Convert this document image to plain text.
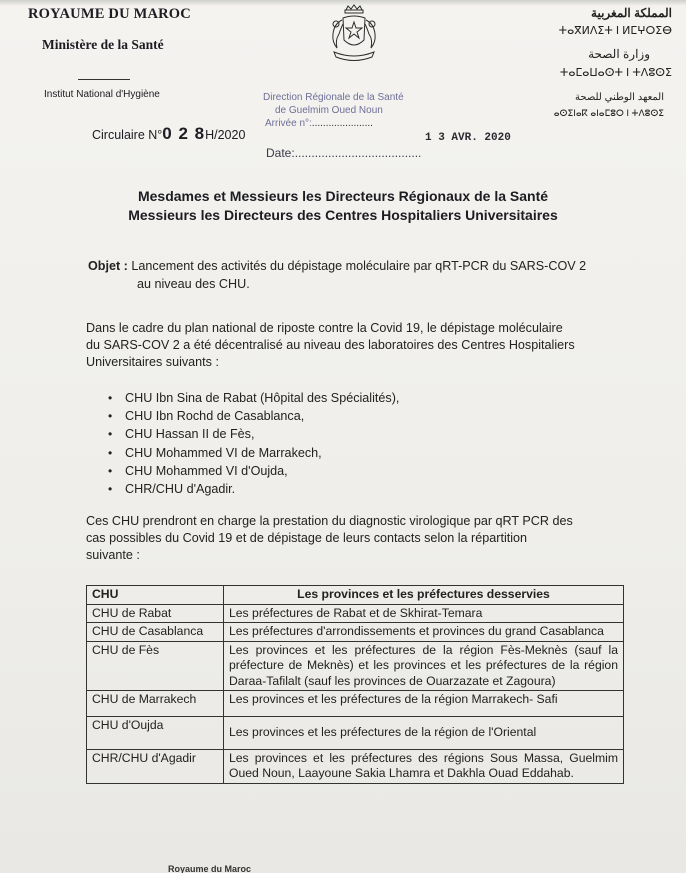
ROYAUME DU MAROC
Ministère de la Santé
Institut National d'Hygiène
Circulaire N°0 2 8H/2020
Direction Régionale de la Santé
de Guelmim Oued Noun
Arrivée n°:......................
1 3 AVR. 2020
Date:......................................
المملكة المغربية
ⵜⴰⴳⵍⴷⵉⵜ ⵏ ⵍⵎⵖⵔⵉⴱ
وزارة الصحة
ⵜⴰⵎⴰⵡⴰⵙⵜ ⵏ ⵜⴷⵓⵙⵉ
المعهد الوطني للصحة
ⴰⵙⵉⵏⴰⴽ ⴰⵏⴰⵎⵓⵔ ⵏ ⵜⴷⵓⵙⵉ
Mesdames et Messieurs les Directeurs Régionaux de la Santé
Messieurs les Directeurs des Centres Hospitaliers Universitaires
Objet : Lancement des activités du dépistage moléculaire par qRT-PCR du SARS-COV 2
au niveau des CHU.
Dans le cadre du plan national de riposte contre la Covid 19, le dépistage moléculaire
du SARS-COV 2 a été décentralisé au niveau des laboratoires des Centres Hospitaliers
Universitaires suivants :
• CHU Ibn Sina de Rabat (Hôpital des Spécialités),
• CHU Ibn Rochd de Casablanca,
• CHU Hassan II de Fès,
• CHU Mohammed VI de Marrakech,
• CHU Mohammed VI d'Oujda,
• CHR/CHU d'Agadir.
Ces CHU prendront en charge la prestation du diagnostic virologique par qRT PCR des
cas possibles du Covid 19 et de dépistage de leurs contacts selon la répartition
suivante :
CHU	Les provinces et les préfectures desservies
CHU de Rabat	Les préfectures de Rabat et de Skhirat-Temara
CHU de Casablanca	Les préfectures d'arrondissements et provinces du grand Casablanca
CHU de Fès	Les provinces et les préfectures de la région Fès-Meknès (sauf la préfecture de Meknès) et les provinces et les préfectures de la région Daraa-Tafilalt (sauf les provinces de Ouarzazate et Zagoura)
CHU de Marrakech	Les provinces et les préfectures de la région Marrakech- Safi
CHU d'Oujda	Les provinces et les préfectures de la région de l'Oriental
CHR/CHU d'Agadir	Les provinces et les préfectures des régions Sous Massa, Guelmim Oued Noun, Laayoune Sakia Lhamra et Dakhla Ouad Eddahab.
Royaume du Maroc
